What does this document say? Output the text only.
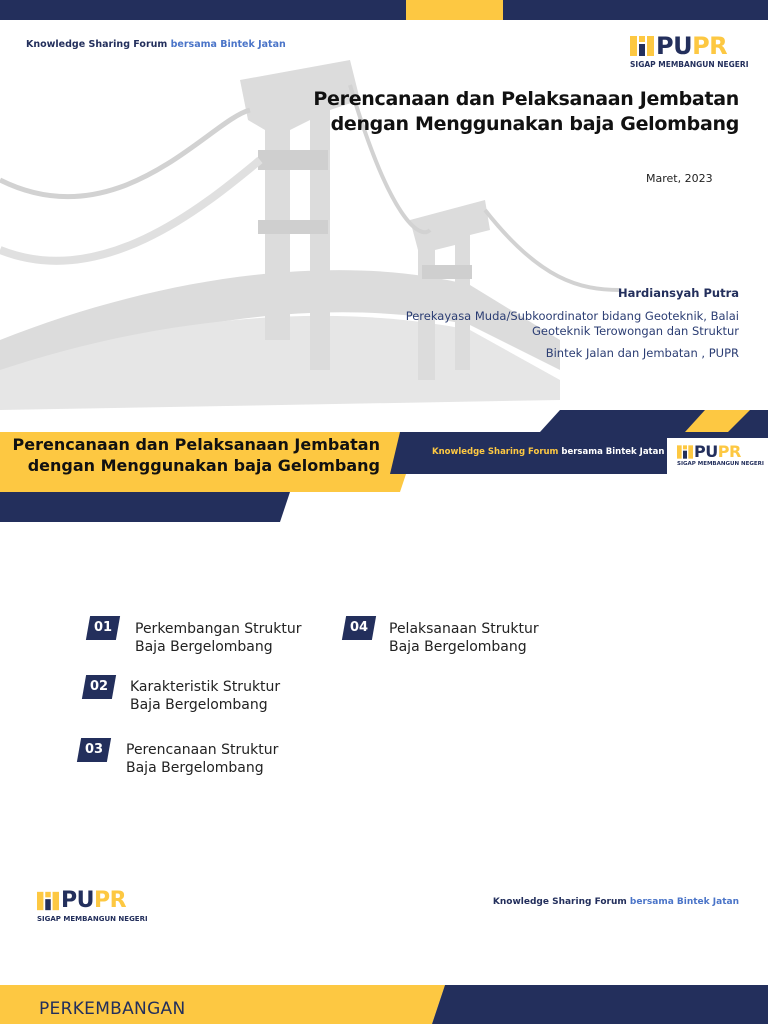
Knowledge Sharing Forum bersama Bintek Jatan	PUPR
SIGAP MEMBANGUN NEGERI
Perencanaan dan Pelaksanaan Jembatan
dengan Menggunakan baja Gelombang
Maret, 2023
Hardiansyah Putra
Perekayasa Muda/Subkoordinator bidang Geoteknik, Balai
Geoteknik Terowongan dan Struktur
Bintek Jalan dan Jembatan , PUPR
Perencanaan dan Pelaksanaan Jembatan
dengan Menggunakan baja Gelombang
Knowledge Sharing Forum bersama Bintek Jatan PUPR
SIGAP MEMBANGUN NEGERI
01	Perkembangan Struktur
Baja Bergelombang
02	Karakteristik Struktur
Baja Bergelombang
03	Perencanaan Struktur
Baja Bergelombang
04	Pelaksanaan Struktur
Baja Bergelombang
PUPR
SIGAP MEMBANGUN NEGERI
Knowledge Sharing Forum bersama Bintek Jatan
PERKEMBANGAN
